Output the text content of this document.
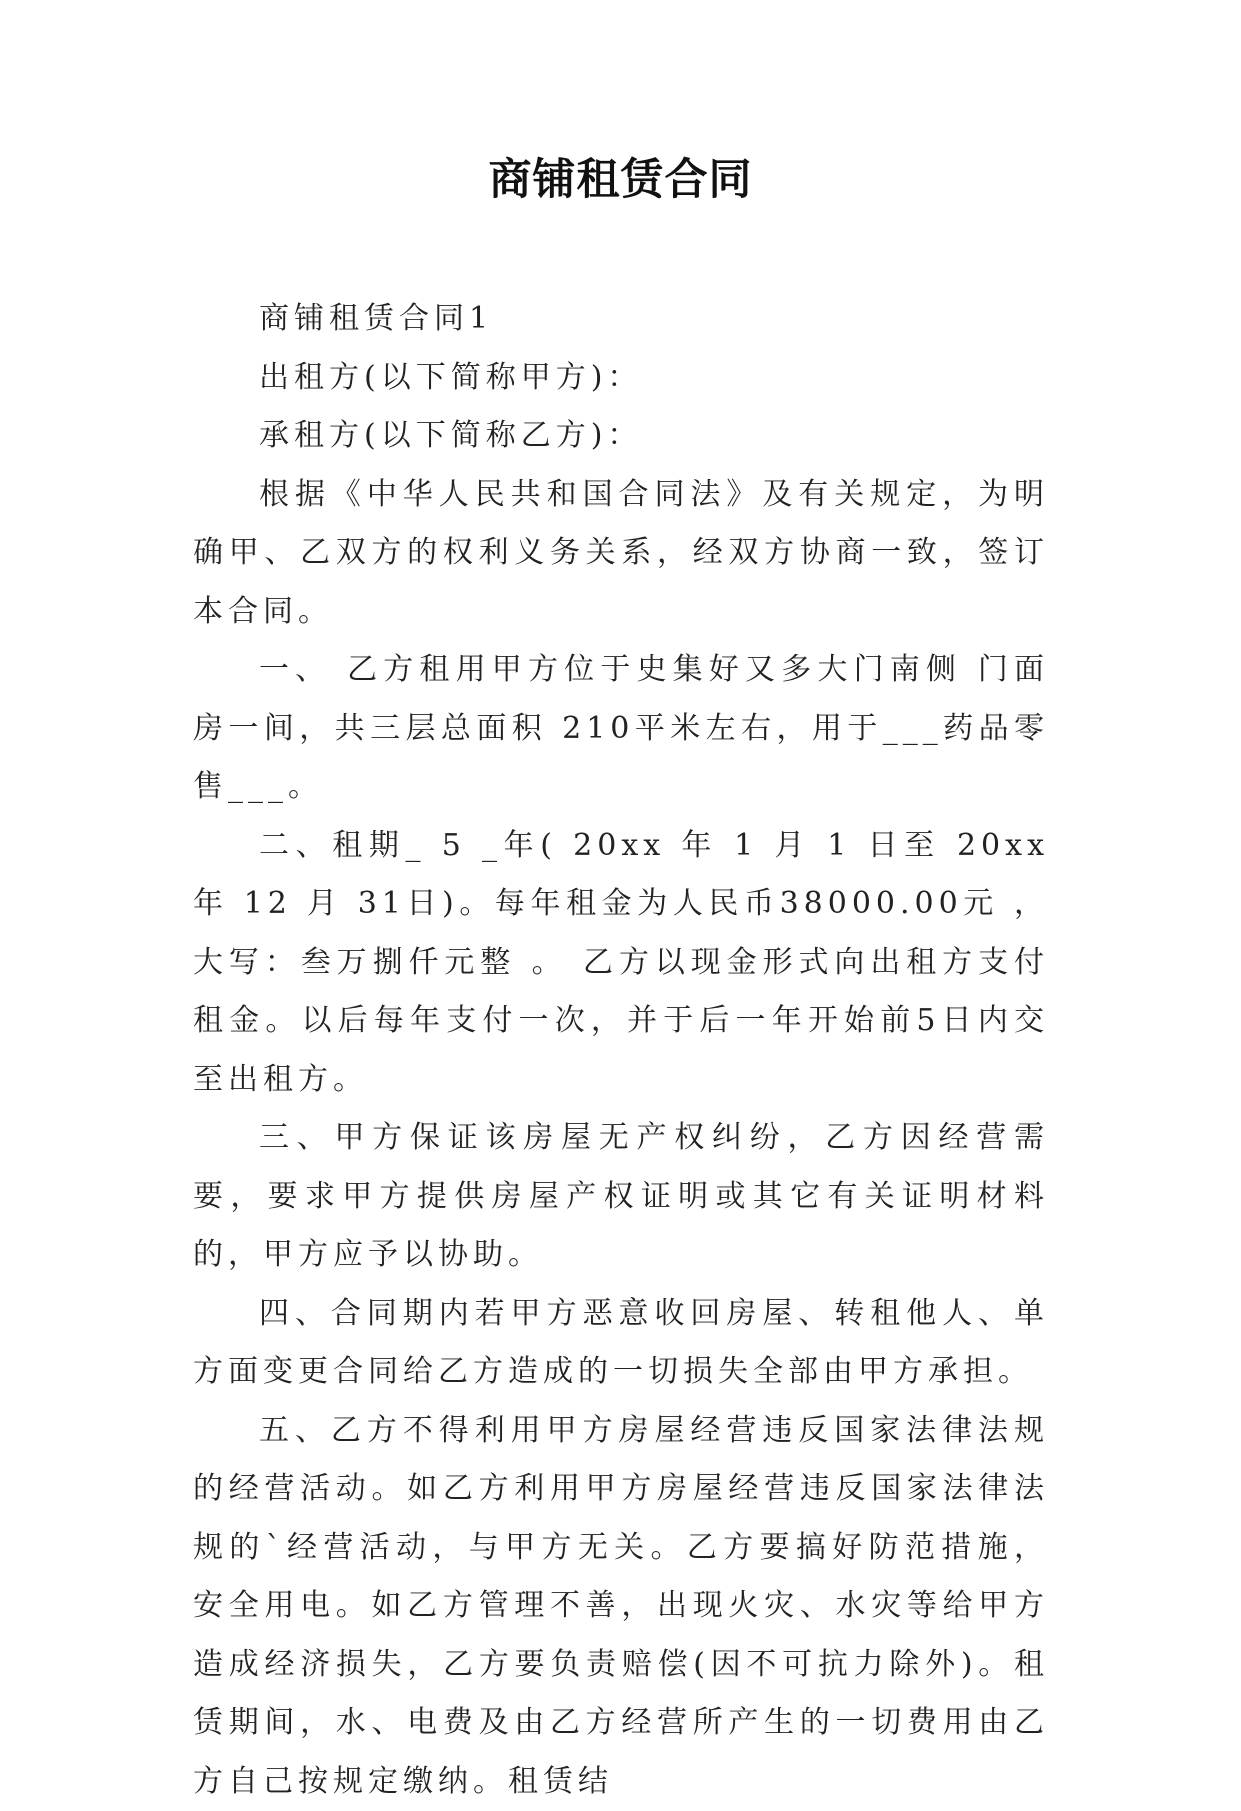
商铺租赁合同

商铺租赁合同1

出租方(以下简称甲方)：

承租方(以下简称乙方)：

根据《中华人民共和国合同法》及有关规定，为明确甲、乙双方的权利义务关系，经双方协商一致，签订本合同。

一、 乙方租用甲方位于史集好又多大门南侧 门面房一间，共三层总面积 210平米左右，用于___药品零售___。

二、租期_ 5 _年( 20xx 年 1 月 1 日至 20xx 年 12 月 31日)。每年租金为人民币38000.00元 ，大写：叁万捌仟元整 。 乙方以现金形式向出租方支付租金。以后每年支付一次，并于后一年开始前5日内交至出租方。

三、甲方保证该房屋无产权纠纷，乙方因经营需要，要求甲方提供房屋产权证明或其它有关证明材料的，甲方应予以协助。

四、合同期内若甲方恶意收回房屋、转租他人、单方面变更合同给乙方造成的一切损失全部由甲方承担。

五、乙方不得利用甲方房屋经营违反国家法律法规的经营活动。如乙方利用甲方房屋经营违反国家法律法规的`经营活动，与甲方无关。乙方要搞好防范措施，安全用电。如乙方管理不善，出现火灾、水灾等给甲方造成经济损失，乙方要负责赔偿(因不可抗力除外)。租赁期间，水、电费及由乙方经营所产生的一切费用由乙方自己按规定缴纳。租赁结
